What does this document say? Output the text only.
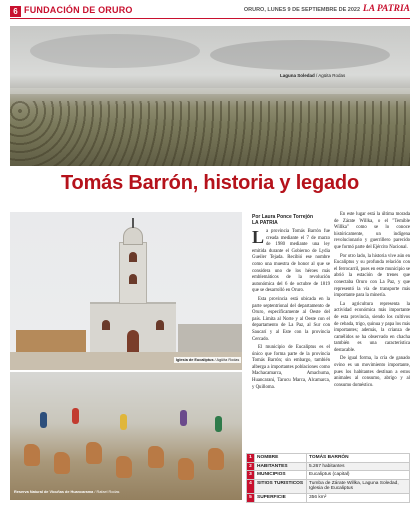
6 FUNDACIÓN DE ORURO	ORURO, LUNES 9 DE SEPTIEMBRE DE 2022 LA PATRIA
Laguna Soledad / Agüita Rodas
Tomás Barrón, historia y legado
Iglesia de Eucaliptus / Agüita Rodas
Reserva Natural de Vicuñas de Huancarama / Rafael Rodas
Por Laura Ponce Torrejón
LA PATRIA

La provincia Tomás Barrón fue creada mediante el 7 de marzo de 1980 mediante una ley emitida durante el Gobierno de Lydia Gueiler Tejada. Recibió ese nombre como una muestra de honor al que se considera uno de los héroes más emblemáticos de la revolución autonómica del 6 de octubre de 1819 que se desarrolló en Oruro.

Esta provincia está ubicada en la parte septentrional del departamento de Oruro, específicamente al Oeste del país. Limita al Norte y al Oeste con el departamento de La Paz, al Sur con Saucarí y al Este con la provincia Cercado.

El municipio de Eucaliptus es el único que forma parte de la provincia Tomás Barrón; sin embargo, también alberga a importantes poblaciones como Machacamarca, Amachuma, Huancarani, Tarucu Marca, Alcamarca, y Quilloma.

En este lugar está la última morada de Zárate Willka, o el "Temible Willka" como se lo conoce históricamente, un indígena revolucionario y guerrillero parecido que formó parte del Ejército Nacional.

Por otro lado, la historia vive aún en Eucaliptus y su profunda relación con el ferrocarril, pues en este municipio se abrió la estación de trenes que conectaba Oruro con La Paz, y que representó la vía de transporte más importante para la minería.

La agricultura representa la actividad económica más importante de esta provincia, siendo los cultivos de cebada, trigo, quinua y papa los más importantes; además, la crianza de camélidos se ha observado en chacha también es una característica destacable.

De igual forma, la cría de ganado ovino es un movimiento importante, pues los habitantes destinan a estos animales al consumo, abrigo y al consumo doméstico.

1	NOMBRE	TOMÁS BARRÓN
2	HABITANTES	5.267 habitantes
3	MUNICIPIOS	Eucaliptus (capital)
4	SITIOS TURISTICOS	Tumba de Zárate Willka, Laguna Soledad, Iglesia de Eucaliptus
5	SUPERFICIE	356 km²
